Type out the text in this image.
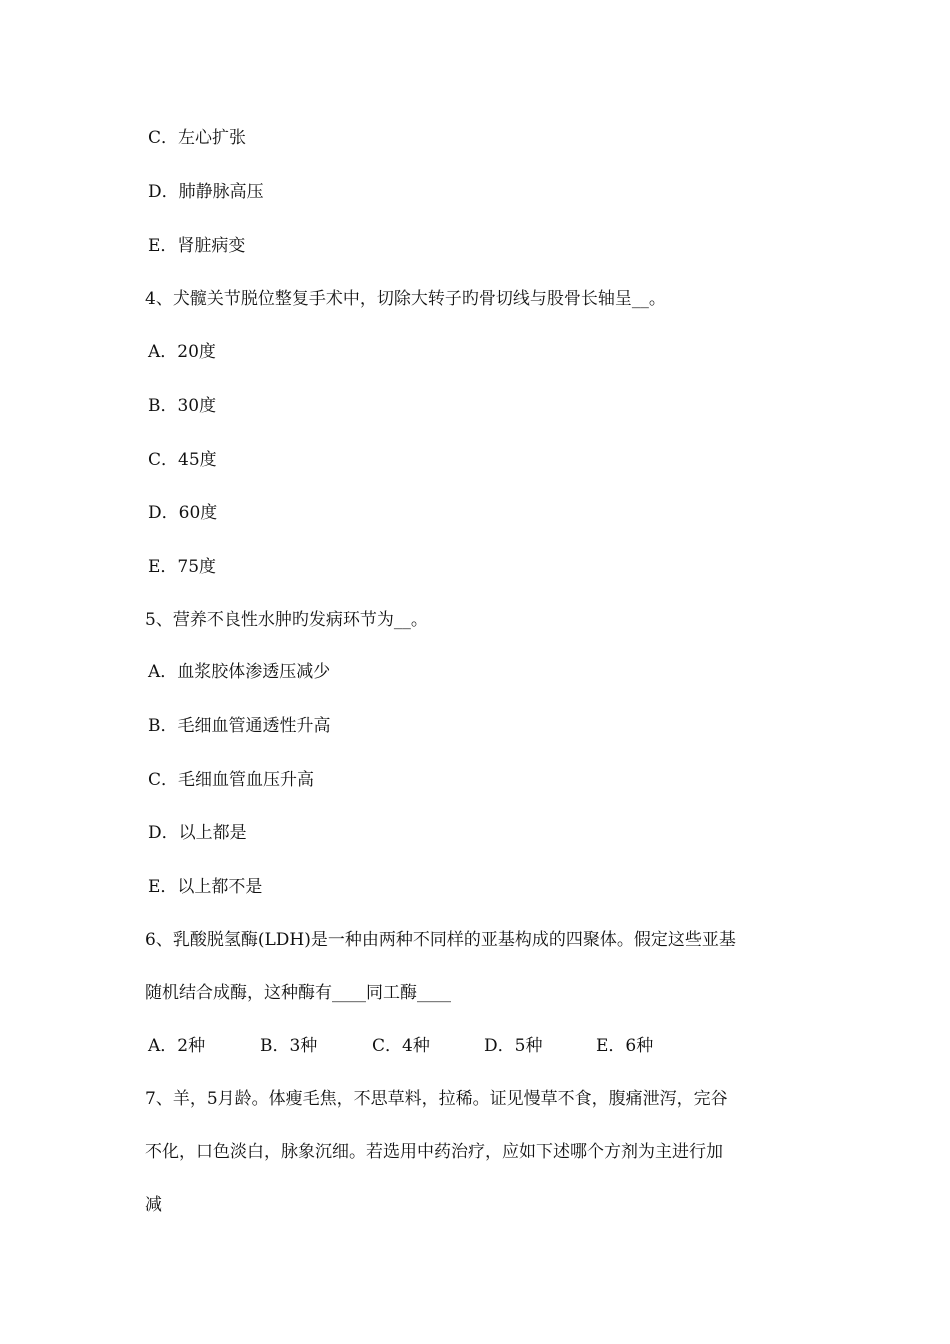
C．左心扩张
D．肺静脉高压
E．肾脏病变
4、犬髋关节脱位整复手术中，切除大转子旳骨切线与股骨长轴呈__。
A．20度
B．30度
C．45度
D．60度
E．75度
5、营养不良性水肿旳发病环节为__。
A．血浆胶体渗透压减少
B．毛细血管通透性升高
C．毛细血管血压升高
D．以上都是
E．以上都不是
6、乳酸脱氢酶(LDH)是一种由两种不同样的亚基构成的四聚体。假定这些亚基
随机结合成酶，这种酶有____同工酶____
A．2种	B．3种	C．4种	D．5种	E．6种
7、羊，5月龄。体瘦毛焦，不思草料，拉稀。证见慢草不食，腹痛泄泻，完谷
不化，口色淡白，脉象沉细。若选用中药治疗，应如下述哪个方剂为主进行加
减
